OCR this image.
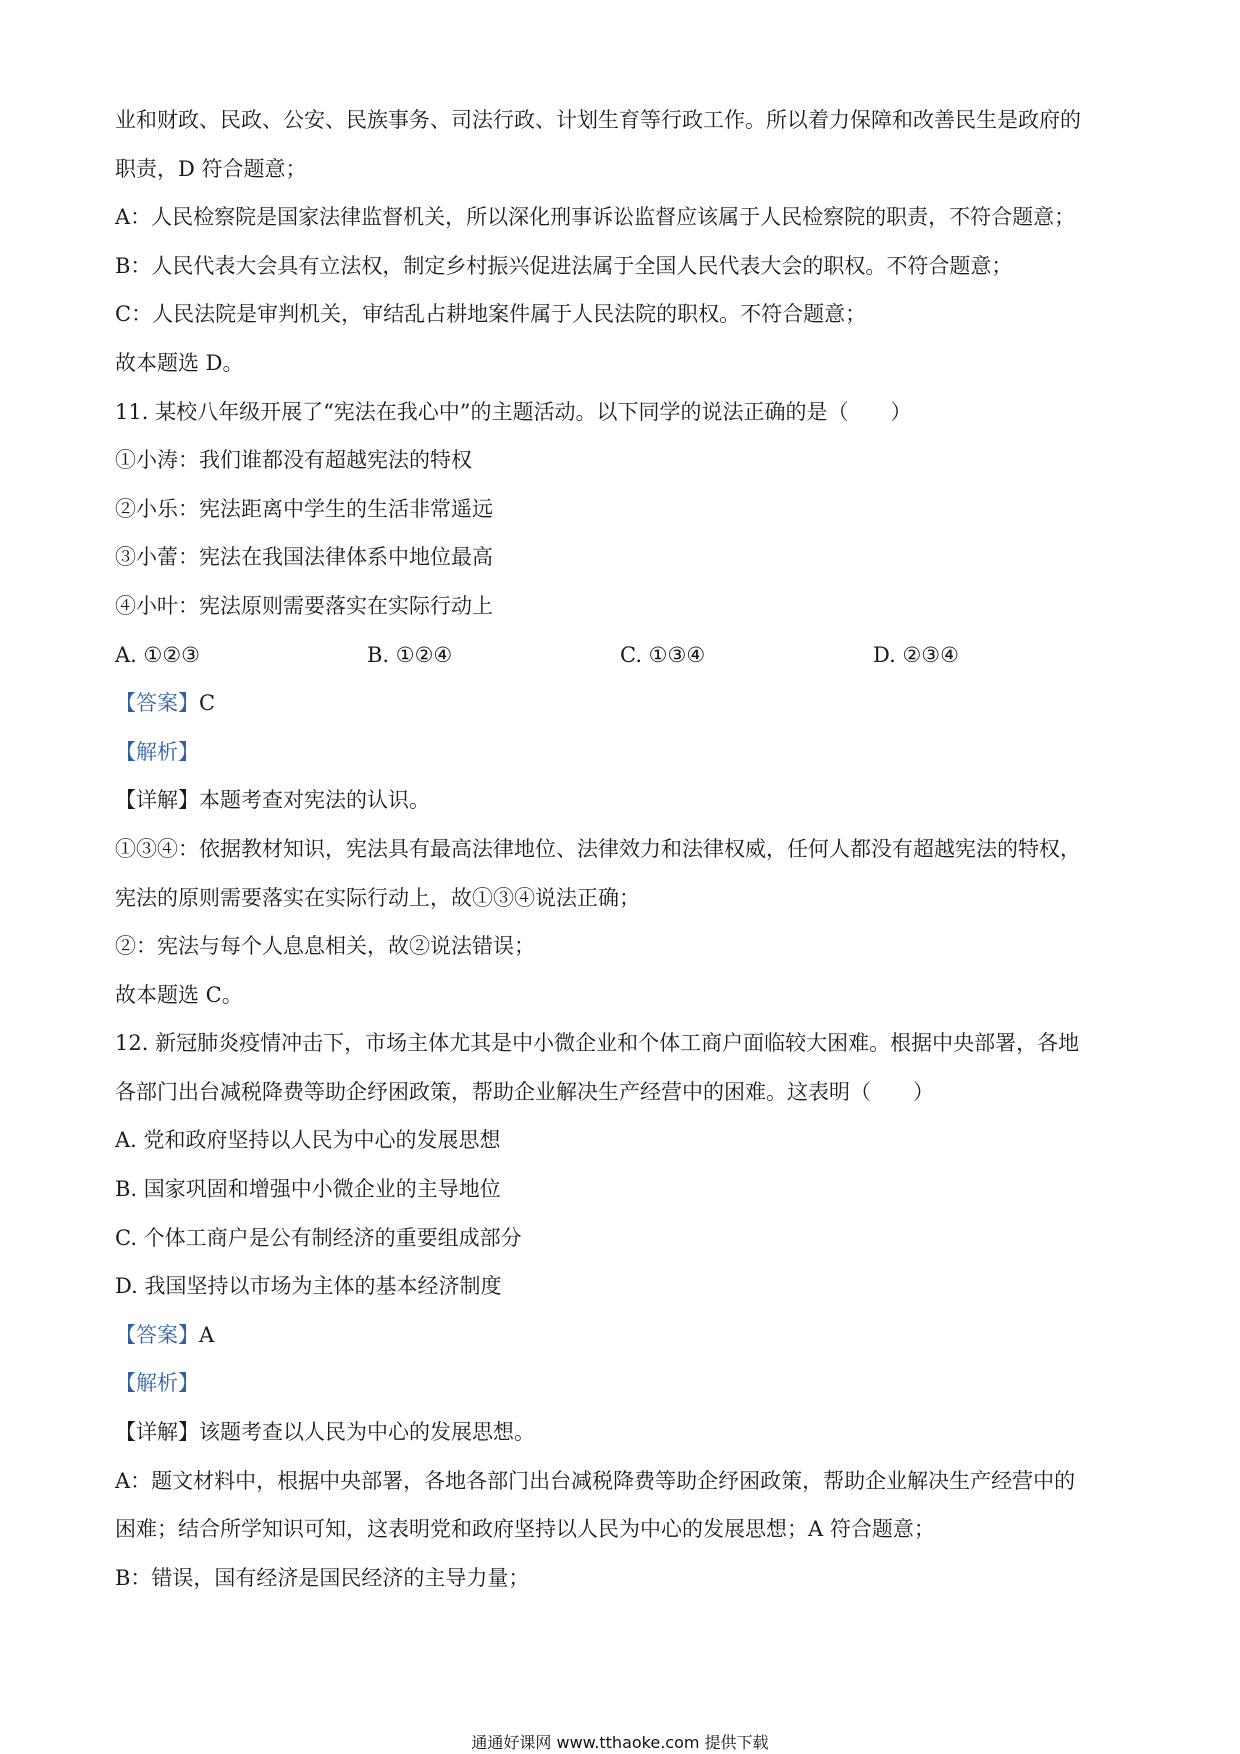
业和财政、民政、公安、民族事务、司法行政、计划生育等行政工作。所以着力保障和改善民生是政府的
职责，D 符合题意；
A：人民检察院是国家法律监督机关，所以深化刑事诉讼监督应该属于人民检察院的职责，不符合题意；
B：人民代表大会具有立法权，制定乡村振兴促进法属于全国人民代表大会的职权。不符合题意；
C：人民法院是审判机关，审结乱占耕地案件属于人民法院的职权。不符合题意；
故本题选 D。
11. 某校八年级开展了“宪法在我心中”的主题活动。以下同学的说法正确的是（　　）
①小涛：我们谁都没有超越宪法的特权
②小乐：宪法距离中学生的生活非常遥远
③小蕾：宪法在我国法律体系中地位最高
④小叶：宪法原则需要落实在实际行动上
A. ①②③	B. ①②④	C. ①③④	D. ②③④
【答案】C
【解析】
【详解】本题考查对宪法的认识。
①③④：依据教材知识，宪法具有最高法律地位、法律效力和法律权威，任何人都没有超越宪法的特权，
宪法的原则需要落实在实际行动上，故①③④说法正确；
②：宪法与每个人息息相关，故②说法错误；
故本题选 C。
12. 新冠肺炎疫情冲击下，市场主体尤其是中小微企业和个体工商户面临较大困难。根据中央部署，各地
各部门出台减税降费等助企纾困政策，帮助企业解决生产经营中的困难。这表明（　　）
A. 党和政府坚持以人民为中心的发展思想
B. 国家巩固和增强中小微企业的主导地位
C. 个体工商户是公有制经济的重要组成部分
D. 我国坚持以市场为主体的基本经济制度
【答案】A
【解析】
【详解】该题考查以人民为中心的发展思想。
A：题文材料中，根据中央部署，各地各部门出台减税降费等助企纾困政策，帮助企业解决生产经营中的
困难；结合所学知识可知，这表明党和政府坚持以人民为中心的发展思想；A 符合题意；
B：错误，国有经济是国民经济的主导力量；
通通好课网 www.tthaoke.com 提供下载
